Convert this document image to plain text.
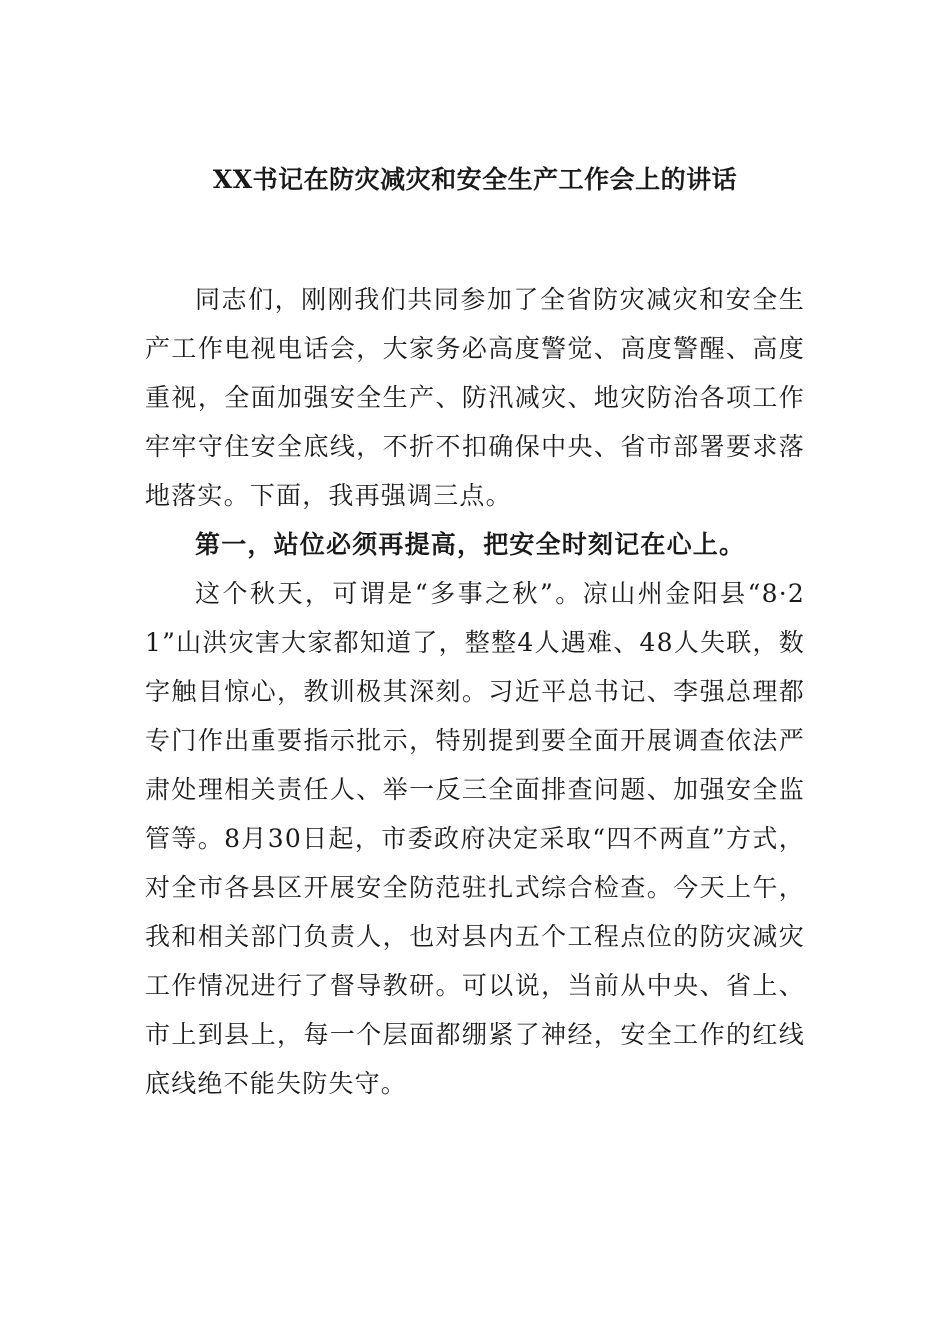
XX书记在防灾减灾和安全生产工作会上的讲话

同志们，刚刚我们共同参加了全省防灾减灾和安全生产工作电视电话会，大家务必高度警觉、高度警醒、高度重视，全面加强安全生产、防汛减灾、地灾防治各项工作牢牢守住安全底线，不折不扣确保中央、省市部署要求落地落实。下面，我再强调三点。

第一，站位必须再提高，把安全时刻记在心上。

这个秋天，可谓是“多事之秋”。凉山州金阳县“8·21”山洪灾害大家都知道了，整整4人遇难、48人失联，数字触目惊心，教训极其深刻。习近平总书记、李强总理都专门作出重要指示批示，特别提到要全面开展调查依法严肃处理相关责任人、举一反三全面排查问题、加强安全监管等。8月30日起，市委政府决定采取“四不两直”方式，对全市各县区开展安全防范驻扎式综合检查。今天上午，我和相关部门负责人，也对县内五个工程点位的防灾减灾工作情况进行了督导教研。可以说，当前从中央、省上、市上到县上，每一个层面都绷紧了神经，安全工作的红线底线绝不能失防失守。
